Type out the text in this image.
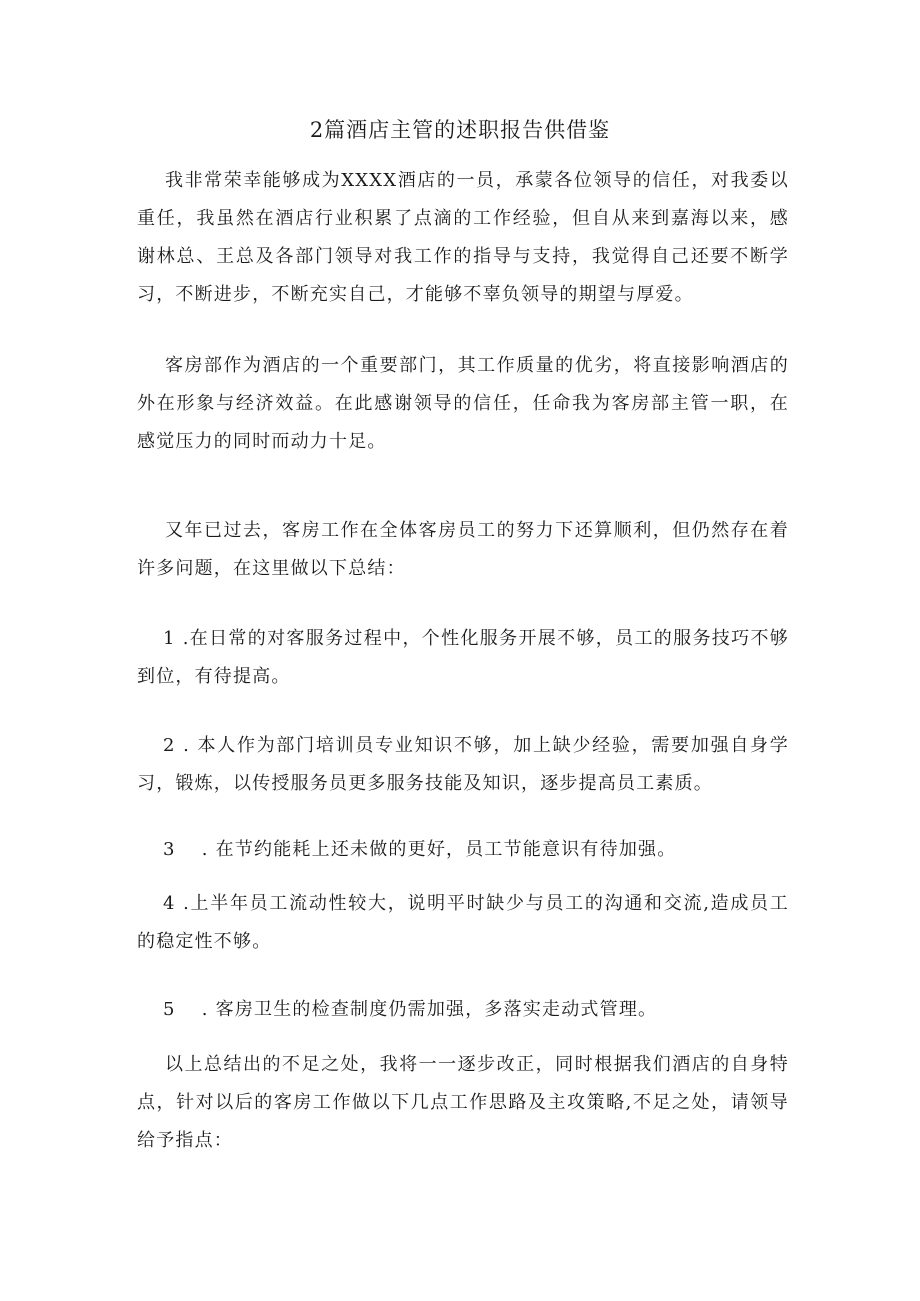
2篇酒店主管的述职报告供借鉴

我非常荣幸能够成为XXXX酒店的一员，承蒙各位领导的信任，对我委以重任，我虽然在酒店行业积累了点滴的工作经验，但自从来到嘉海以来，感谢林总、王总及各部门领导对我工作的指导与支持，我觉得自己还要不断学习，不断进步，不断充实自己，才能够不辜负领导的期望与厚爱。

客房部作为酒店的一个重要部门，其工作质量的优劣，将直接影响酒店的外在形象与经济效益。在此感谢领导的信任，任命我为客房部主管一职，在感觉压力的同时而动力十足。

又年已过去，客房工作在全体客房员工的努力下还算顺利，但仍然存在着许多问题，在这里做以下总结：

1 .在日常的对客服务过程中，个性化服务开展不够，员工的服务技巧不够到位，有待提高。

2 . 本人作为部门培训员专业知识不够，加上缺少经验，需要加强自身学习，锻炼，以传授服务员更多服务技能及知识，逐步提高员工素质。

3　 . 在节约能耗上还未做的更好，员工节能意识有待加强。

4 .上半年员工流动性较大，说明平时缺少与员工的沟通和交流,造成员工的稳定性不够。

5　 . 客房卫生的检查制度仍需加强，多落实走动式管理。

以上总结出的不足之处，我将一一逐步改正，同时根据我们酒店的自身特点，针对以后的客房工作做以下几点工作思路及主攻策略,不足之处，请领导给予指点：
